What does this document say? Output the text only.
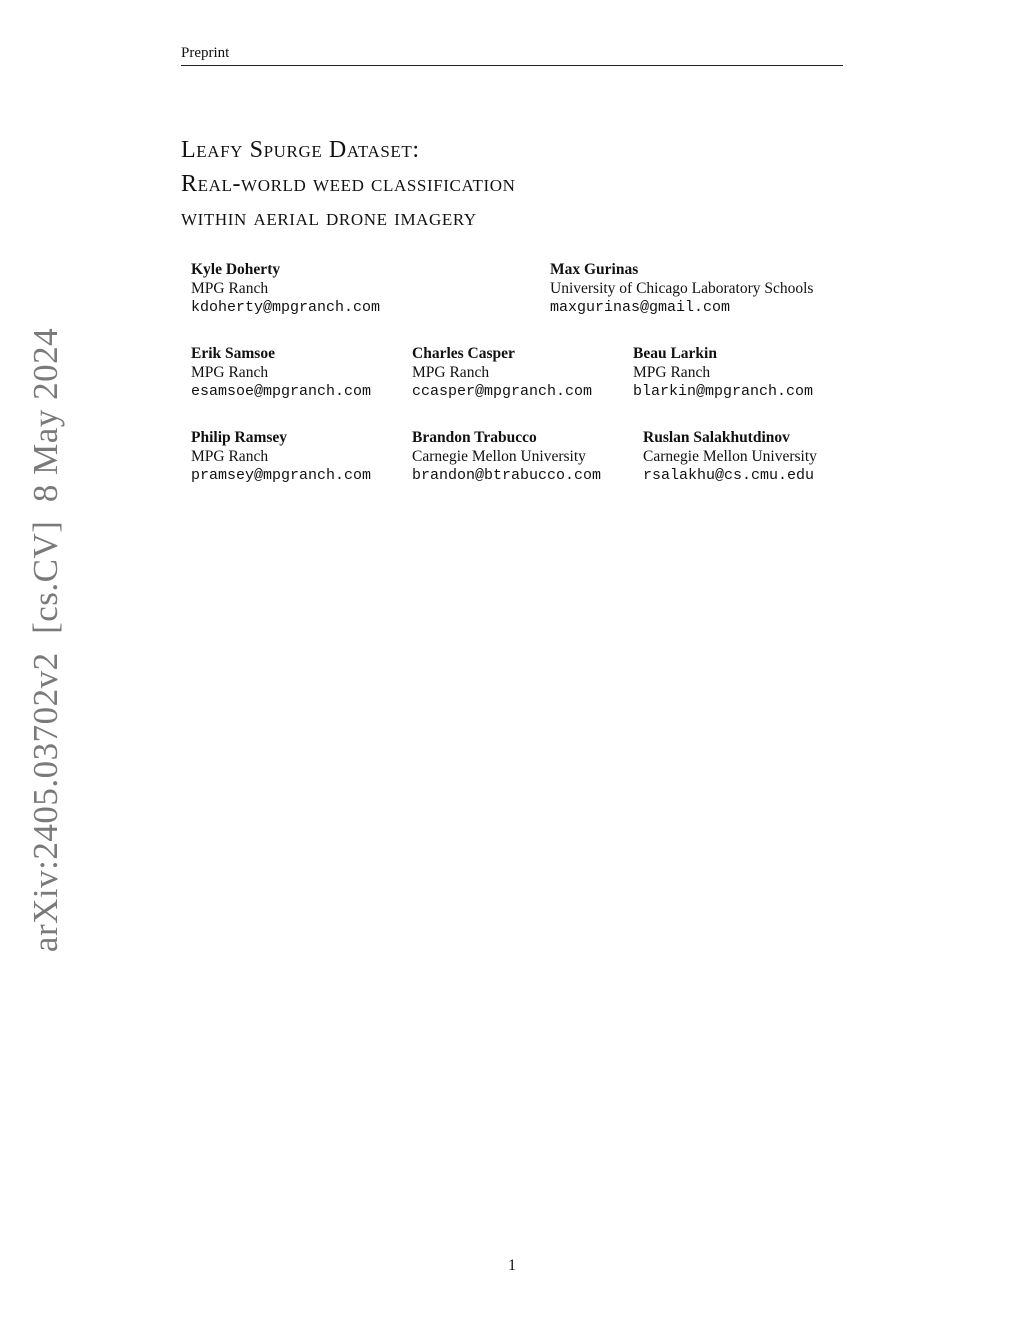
Preprint
Leafy Spurge Dataset:
Real-world weed classification
within aerial drone imagery
Kyle Doherty
MPG Ranch
kdoherty@mpgranch.com
Max Gurinas
University of Chicago Laboratory Schools
maxgurinas@gmail.com
Erik Samsoe
MPG Ranch
esamsoe@mpgranch.com
Charles Casper
MPG Ranch
ccasper@mpgranch.com
Beau Larkin
MPG Ranch
blarkin@mpgranch.com
Philip Ramsey
MPG Ranch
pramsey@mpgranch.com
Brandon Trabucco
Carnegie Mellon University
brandon@btrabucco.com
Ruslan Salakhutdinov
Carnegie Mellon University
rsalakhu@cs.cmu.edu
arXiv:2405.03702v2  [cs.CV]  8 May 2024
1
